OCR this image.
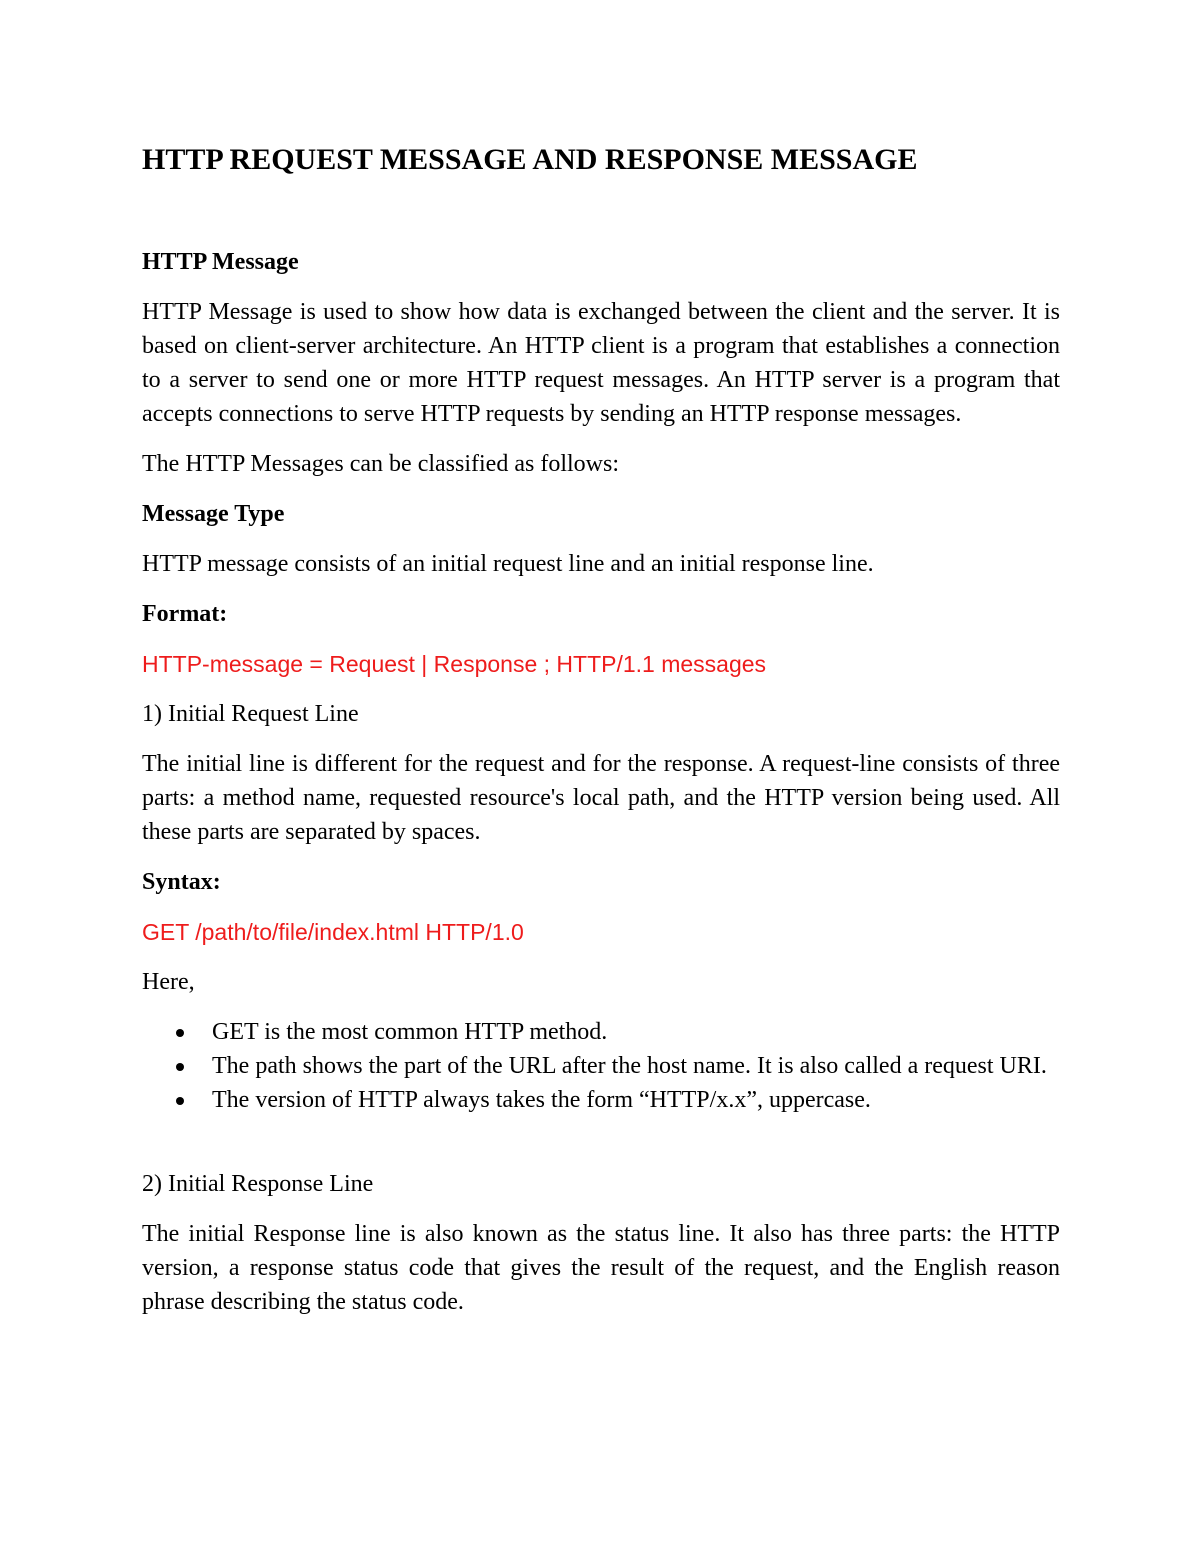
HTTP REQUEST MESSAGE AND RESPONSE MESSAGE

HTTP Message

HTTP Message is used to show how data is exchanged between the client and the server. It is based on client-server architecture. An HTTP client is a program that establishes a connection to a server to send one or more HTTP request messages. An HTTP server is a program that accepts connections to serve HTTP requests by sending an HTTP response messages.

The HTTP Messages can be classified as follows:

Message Type

HTTP message consists of an initial request line and an initial response line.

Format:

HTTP-message = Request | Response ; HTTP/1.1 messages

1) Initial Request Line

The initial line is different for the request and for the response. A request-line consists of three parts: a method name, requested resource's local path, and the HTTP version being used. All these parts are separated by spaces.

Syntax:

GET /path/to/file/index.html HTTP/1.0

Here,

GET is the most common HTTP method.
The path shows the part of the URL after the host name. It is also called a request URI.
The version of HTTP always takes the form “HTTP/x.x”, uppercase.

2) Initial Response Line

The initial Response line is also known as the status line. It also has three parts: the HTTP version, a response status code that gives the result of the request, and the English reason phrase describing the status code.
